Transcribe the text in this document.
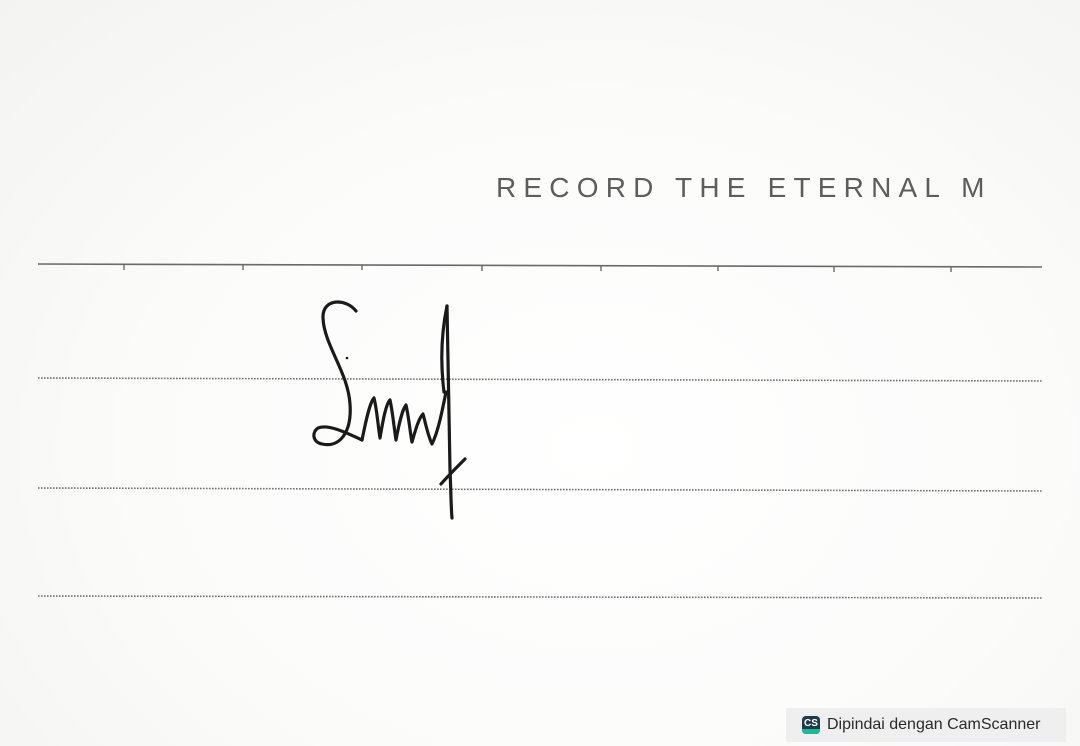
RECORD THE ETERNAL M
CS Dipindai dengan CamScanner
